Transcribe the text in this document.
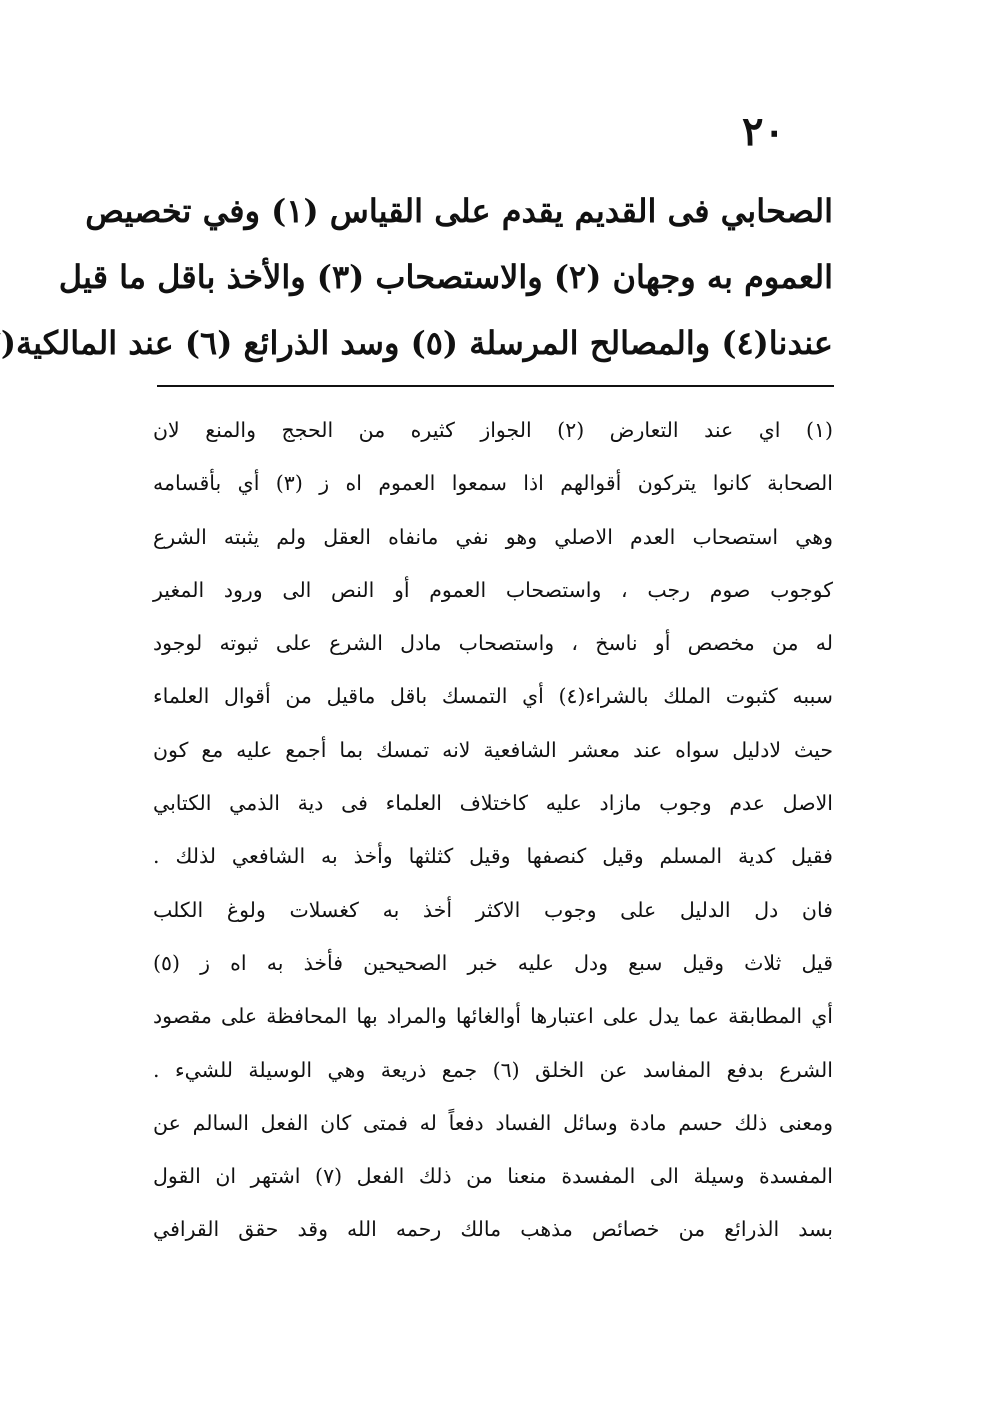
٢٠
الصحابي فى القديم يقدم على القياس (١) وفي تخصيص
العموم به وجهان (٢) والاستصحاب (٣) والأخذ باقل ما قيل
عندنا(٤) والمصالح المرسلة (٥) وسد الذرائع (٦) عند المالكية(
(١) اي عند التعارض (٢) الجواز كثيره من الحجج والمنع لان
الصحابة كانوا يتركون أقوالهم اذا سمعوا العموم اه ز (٣) أي بأقسامه
وهي استصحاب العدم الاصلي وهو نفي مانفاه العقل ولم يثبته الشرع
كوجوب صوم رجب ، واستصحاب العموم أو النص الى ورود المغير
له من مخصص أو ناسخ ، واستصحاب مادل الشرع على ثبوته لوجود
سببه كثبوت الملك بالشراء(٤) أي التمسك باقل ماقيل من أقوال العلماء
حيث لادليل سواه عند معشر الشافعية لانه تمسك بما أجمع عليه مع كون
الاصل عدم وجوب مازاد عليه كاختلاف العلماء فى دية الذمي الكتابي
فقيل كدية المسلم وقيل كنصفها وقيل كثلثها وأخذ به الشافعي لذلك .
فان دل الدليل على وجوب الاكثر أخذ به كغسلات ولوغ الكلب
قيل ثلاث وقيل سبع ودل عليه خبر الصحيحين فأخذ به اه ز (٥)
أي المطابقة عما يدل على اعتبارها أوالغائها والمراد بها المحافظة على مقصود
الشرع بدفع المفاسد عن الخلق (٦) جمع ذريعة وهي الوسيلة للشيء .
ومعنى ذلك حسم مادة وسائل الفساد دفعاً له فمتى كان الفعل السالم عن
المفسدة وسيلة الى المفسدة منعنا من ذلك الفعل (٧) اشتهر ان القول
بسد الذرائع من خصائص مذهب مالك رحمه الله وقد حقق القرافي
